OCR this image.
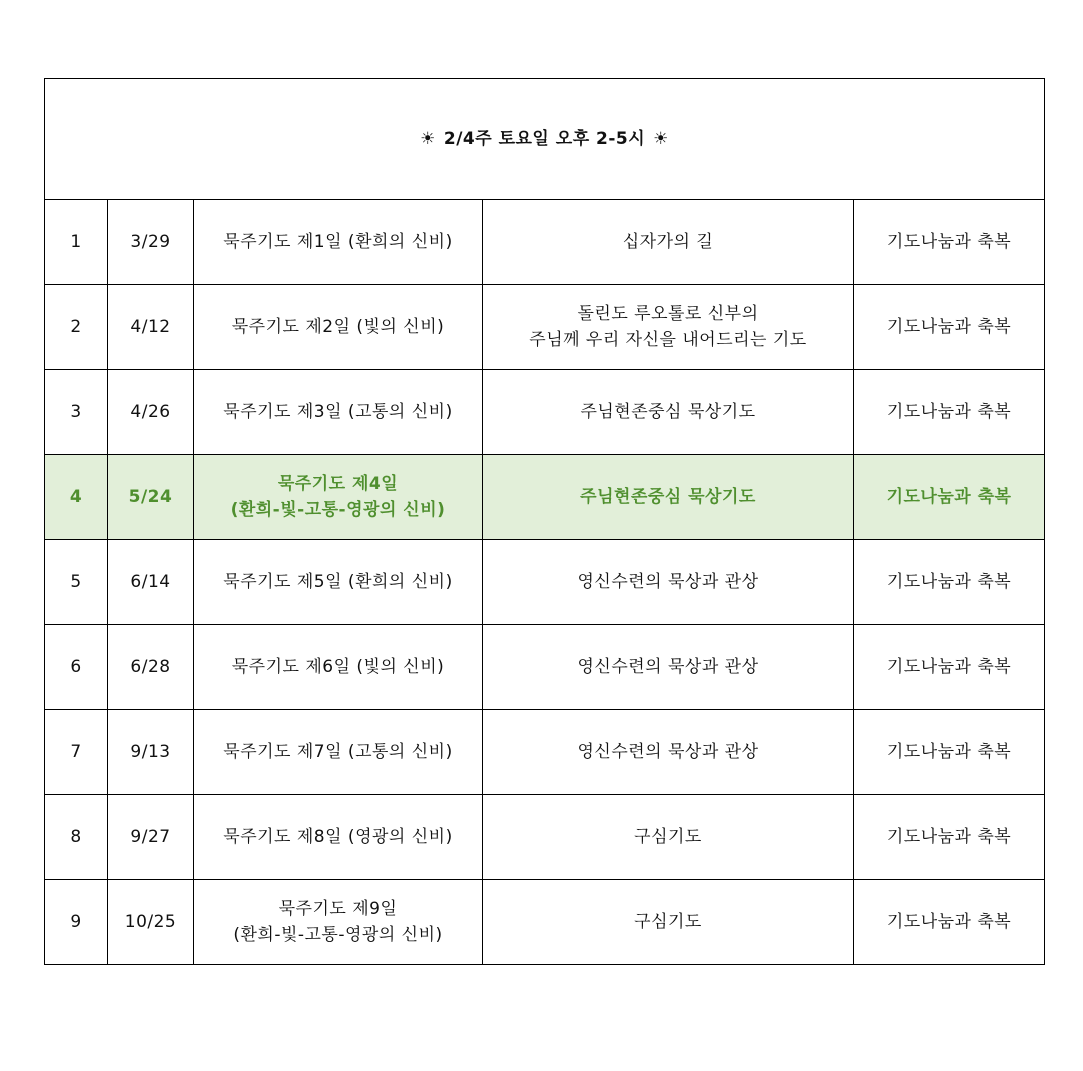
☀ 2/4주 토요일 오후 2-5시 ☀				
1	3/29	묵주기도 제1일 (환희의 신비)	십자가의 길	기도나눔과 축복
2	4/12	묵주기도 제2일 (빛의 신비)	돌린도 루오톨로 신부의
주님께 우리 자신을 내어드리는 기도	기도나눔과 축복
3	4/26	묵주기도 제3일 (고통의 신비)	주님현존중심 묵상기도	기도나눔과 축복
4	5/24	묵주기도 제4일
(환희-빛-고통-영광의 신비)	주님현존중심 묵상기도	기도나눔과 축복
5	6/14	묵주기도 제5일 (환희의 신비)	영신수련의 묵상과 관상	기도나눔과 축복
6	6/28	묵주기도 제6일 (빛의 신비)	영신수련의 묵상과 관상	기도나눔과 축복
7	9/13	묵주기도 제7일 (고통의 신비)	영신수련의 묵상과 관상	기도나눔과 축복
8	9/27	묵주기도 제8일 (영광의 신비)	구심기도	기도나눔과 축복
9	10/25	묵주기도 제9일
(환희-빛-고통-영광의 신비)	구심기도	기도나눔과 축복
